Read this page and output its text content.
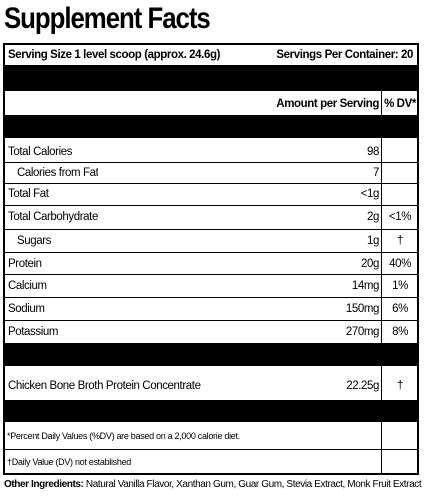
Supplement Facts
Serving Size 1 level scoop (approx. 24.6g)	Servings Per Container: 20
Amount per Serving % DV*
Total Calories	98
Calories from Fat	7
Total Fat	<1g
Total Carbohydrate	2g <1%
Sugars	1g	†
Protein	20g 40%
Calcium	14mg	1%
Sodium	150mg	6%
Potassium	270mg	8%
Chicken Bone Broth Protein Concentrate	22.25g	†
*Percent Daily Values (%DV) are based on a 2,000 calorie diet.
†Daily Value (DV) not established
Other Ingredients: Natural Vanilla Flavor, Xanthan Gum, Guar Gum, Stevia Extract, Monk Fruit Extract
